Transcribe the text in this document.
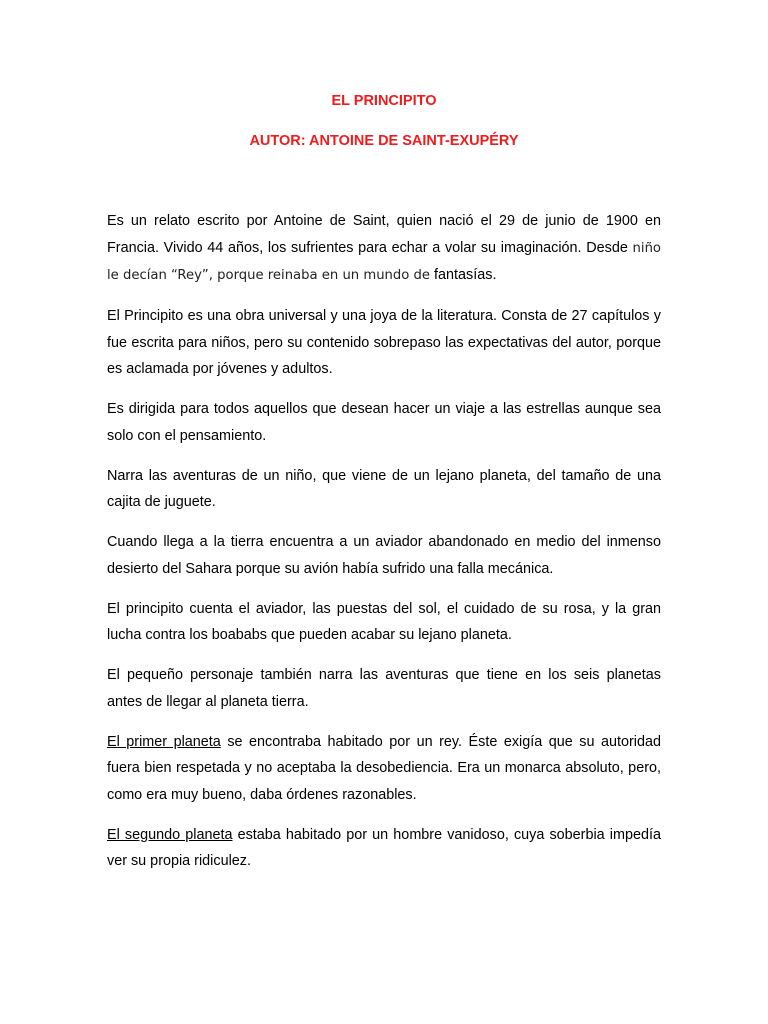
EL PRINCIPITO
AUTOR: ANTOINE DE SAINT-EXUPÉRY

Es un relato escrito por Antoine de Saint, quien nació el 29 de junio de 1900 en Francia. Vivido 44 años, los sufrientes para echar a volar su imaginación. Desde niño le decían “Rey”, porque reinaba en un mundo de fantasías.

El Principito es una obra universal y una joya de la literatura. Consta de 27 capítulos y fue escrita para niños, pero su contenido sobrepaso las expectativas del autor, porque es aclamada por jóvenes y adultos.

Es dirigida para todos aquellos que desean hacer un viaje a las estrellas aunque sea solo con el pensamiento.

Narra las aventuras de un niño, que viene de un lejano planeta, del tamaño de una cajita de juguete.

Cuando llega a la tierra encuentra a un aviador abandonado en medio del inmenso desierto del Sahara porque su avión había sufrido una falla mecánica.

El principito cuenta el aviador, las puestas del sol, el cuidado de su rosa, y la gran lucha contra los boababs que pueden acabar su lejano planeta.

El pequeño personaje también narra las aventuras que tiene en los seis planetas antes de llegar al planeta tierra.

El primer planeta se encontraba habitado por un rey. Éste exigía que su autoridad fuera bien respetada y no aceptaba la desobediencia. Era un monarca absoluto, pero, como era muy bueno, daba órdenes razonables.

El segundo planeta estaba habitado por un hombre vanidoso, cuya soberbia impedía ver su propia ridiculez.
